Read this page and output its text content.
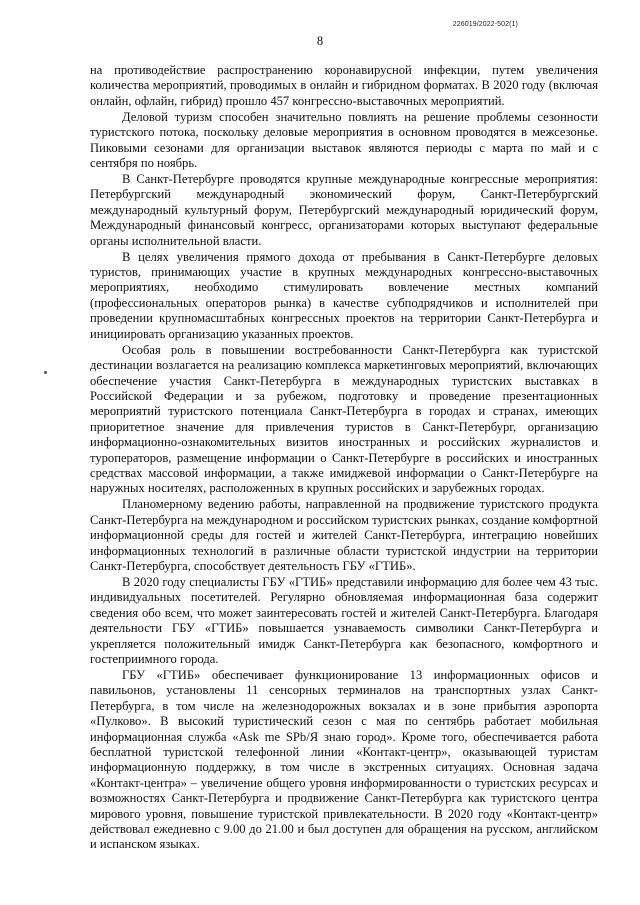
226019/2022-502(1)
8

на противодействие распространению коронавирусной инфекции, путем увеличения количества мероприятий, проводимых в онлайн и гибридном форматах. В 2020 году (включая онлайн, офлайн, гибрид) прошло 457 конгрессно-выставочных мероприятий.

Деловой туризм способен значительно повлиять на решение проблемы сезонности туристского потока, поскольку деловые мероприятия в основном проводятся в межсезонье. Пиковыми сезонами для организации выставок являются периоды с марта по май и с сентября по ноябрь.

В Санкт-Петербурге проводятся крупные международные конгрессные мероприятия: Петербургский международный экономический форум, Санкт-Петербургский международный культурный форум, Петербургский международный юридический форум, Международный финансовый конгресс, организаторами которых выступают федеральные органы исполнительной власти.

В целях увеличения прямого дохода от пребывания в Санкт-Петербурге деловых туристов, принимающих участие в крупных международных конгрессно-выставочных мероприятиях, необходимо стимулировать вовлечение местных компаний (профессиональных операторов рынка) в качестве субподрядчиков и исполнителей при проведении крупномасштабных конгрессных проектов на территории Санкт-Петербурга и инициировать организацию указанных проектов.

Особая роль в повышении востребованности Санкт-Петербурга как туристской дестинации возлагается на реализацию комплекса маркетинговых мероприятий, включающих обеспечение участия Санкт-Петербурга в международных туристских выставках в Российской Федерации и за рубежом, подготовку и проведение презентационных мероприятий туристского потенциала Санкт-Петербурга в городах и странах, имеющих приоритетное значение для привлечения туристов в Санкт-Петербург, организацию информационно-ознакомительных визитов иностранных и российских журналистов и туроператоров, размещение информации о Санкт-Петербурге в российских и иностранных средствах массовой информации, а также имиджевой информации о Санкт-Петербурге на наружных носителях, расположенных в крупных российских и зарубежных городах.

Планомерному ведению работы, направленной на продвижение туристского продукта Санкт-Петербурга на международном и российском туристских рынках, создание комфортной информационной среды для гостей и жителей Санкт-Петербурга, интеграцию новейших информационных технологий в различные области туристской индустрии на территории Санкт-Петербурга, способствует деятельность ГБУ «ГТИБ».

В 2020 году специалисты ГБУ «ГТИБ» представили информацию для более чем 43 тыс. индивидуальных посетителей. Регулярно обновляемая информационная база содержит сведения обо всем, что может заинтересовать гостей и жителей Санкт-Петербурга. Благодаря деятельности ГБУ «ГТИБ» повышается узнаваемость символики Санкт-Петербурга и укрепляется положительный имидж Санкт-Петербурга как безопасного, комфортного и гостеприимного города.

ГБУ «ГТИБ» обеспечивает функционирование 13 информационных офисов и павильонов, установлены 11 сенсорных терминалов на транспортных узлах Санкт-Петербурга, в том числе на железнодорожных вокзалах и в зоне прибытия аэропорта «Пулково». В высокий туристический сезон с мая по сентябрь работает мобильная информационная служба «Ask me SPb/Я знаю город». Кроме того, обеспечивается работа бесплатной туристской телефонной линии «Контакт-центр», оказывающей туристам информационную поддержку, в том числе в экстренных ситуациях. Основная задача «Контакт-центра» – увеличение общего уровня информированности о туристских ресурсах и возможностях Санкт-Петербурга и продвижение Санкт-Петербурга как туристского центра мирового уровня, повышение туристской привлекательности. В 2020 году «Контакт-центр» действовал ежедневно с 9.00 до 21.00 и был доступен для обращения на русском, английском и испанском языках.
